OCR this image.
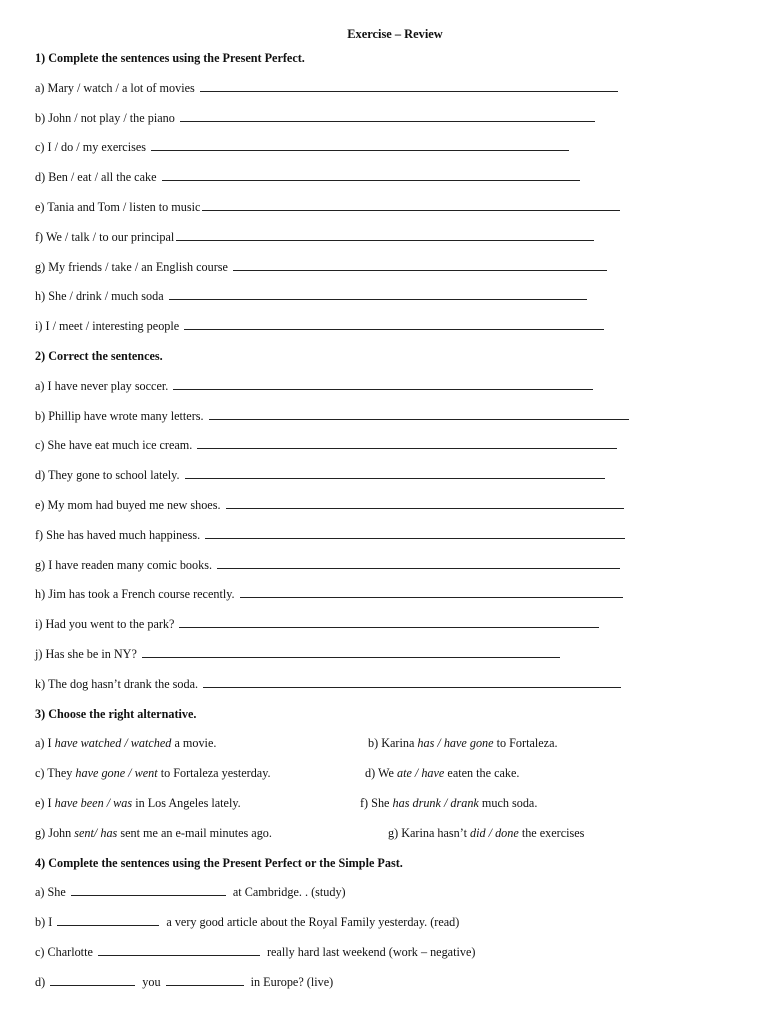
Exercise – Review
1) Complete the sentences using the Present Perfect.
a) Mary / watch / a lot of movies
b) John / not play / the piano
c) I / do / my exercises
d) Ben / eat / all the cake
e) Tania and Tom / listen to music
f) We / talk / to our principal
g) My friends / take / an English course
h) She / drink / much soda
i) I / meet / interesting people
2) Correct the sentences.
a) I have never play soccer.
b) Phillip have wrote many letters.
c) She have eat much ice cream.
d) They gone to school lately.
e) My mom had buyed me new shoes.
f) She has haved much happiness.
g) I have readen many comic books.
h) Jim has took a French course recently.
i) Had you went to the park?
j) Has she be in NY?
k) The dog hasn’t drank the soda.
3) Choose the right alternative.
a) I have watched / watched a movie.	b) Karina has / have gone to Fortaleza.
c) They have gone / went to Fortaleza yesterday.	d) We ate / have eaten the cake.
e) I have been / was in Los Angeles lately.	f) She has drunk / drank much soda.
g) John sent/ has sent me an e-mail minutes ago.	g) Karina hasn’t did / done the exercises
4) Complete the sentences using the Present Perfect or the Simple Past.
a) She	at Cambridge. . (study)
b) I	a very good article about the Royal Family yesterday. (read)
c) Charlotte	really hard last weekend (work – negative)
d)	you	in Europe? (live)
